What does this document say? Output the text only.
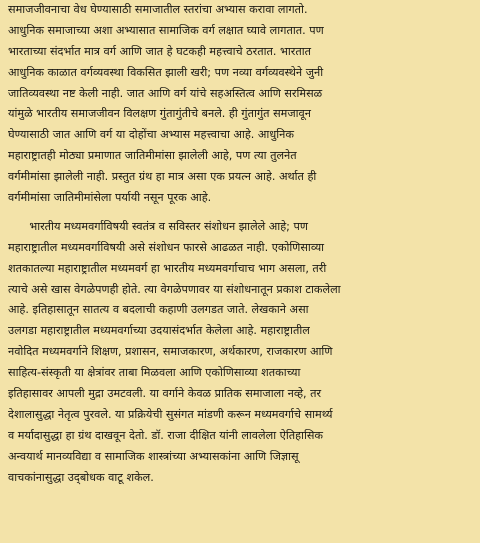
समाजजीवनाचा वेध घेण्यासाठी समाजातील स्तरांचा अभ्यास करावा लागतो.
आधुनिक समाजाच्या अशा अभ्यासात सामाजिक वर्ग लक्षात घ्यावे लागतात. पण
भारताच्या संदर्भात मात्र वर्ग आणि जात हे घटकही महत्त्वाचे ठरतात. भारतात
आधुनिक काळात वर्गव्यवस्था विकसित झाली खरी; पण नव्या वर्गव्यवस्थेने जुनी
जातिव्यवस्था नष्ट केली नाही. जात आणि वर्ग यांचे सहअस्तित्व आणि सरमिसळ
यांमुळे भारतीय समाजजीवन विलक्षण गुंतागुंतीचे बनले. ही गुंतागुंत समजावून
घेण्यासाठी जात आणि वर्ग या दोहोंचा अभ्यास महत्त्वाचा आहे. आधुनिक
महाराष्ट्रातही मोठ्या प्रमाणात जातिमीमांसा झालेली आहे, पण त्या तुलनेत
वर्गमीमांसा झालेली नाही. प्रस्तुत ग्रंथ हा मात्र असा एक प्रयत्न आहे. अर्थात ही
वर्गमीमांसा जातिमीमांसेला पर्यायी नसून पूरक आहे.
भारतीय मध्यमवर्गाविषयी स्वतंत्र व सविस्तर संशोधन झालेले आहे; पण
महाराष्ट्रातील मध्यमवर्गाविषयी असे संशोधन फारसे आढळत नाही. एकोणिसाव्या
शतकातल्या महाराष्ट्रातील मध्यमवर्ग हा भारतीय मध्यमवर्गाचाच भाग असला, तरी
त्याचे असे खास वेगळेपणही होते. त्या वेगळेपणावर या संशोधनातून प्रकाश टाकलेला
आहे. इतिहासातून सातत्य व बदलाची कहाणी उलगडत जाते. लेखकाने असा
उलगडा महाराष्ट्रातील मध्यमवर्गाच्या उदयासंदर्भात केलेला आहे. महाराष्ट्रातील
नवोदित मध्यमवर्गाने शिक्षण, प्रशासन, समाजकारण, अर्थकारण, राजकारण आणि
साहित्य-संस्कृती या क्षेत्रांवर ताबा मिळवला आणि एकोणिसाव्या शतकाच्या
इतिहासावर आपली मुद्रा उमटवली. या वर्गाने केवळ प्रातिक समाजाला नव्हे, तर
देशालासुद्धा नेतृत्व पुरवले. या प्रक्रियेची सुसंगत मांडणी करून मध्यमवर्गाचे सामर्थ्य
व मर्यादासुद्धा हा ग्रंथ दाखवून देतो. डॉ. राजा दीक्षित यांनी लावलेला ऐतिहासिक
अन्वयार्थ मानव्यविद्या व सामाजिक शास्त्रांच्या अभ्यासकांना आणि जिज्ञासू
वाचकांनासुद्धा उद्‌बोधक वाटू शकेल.
